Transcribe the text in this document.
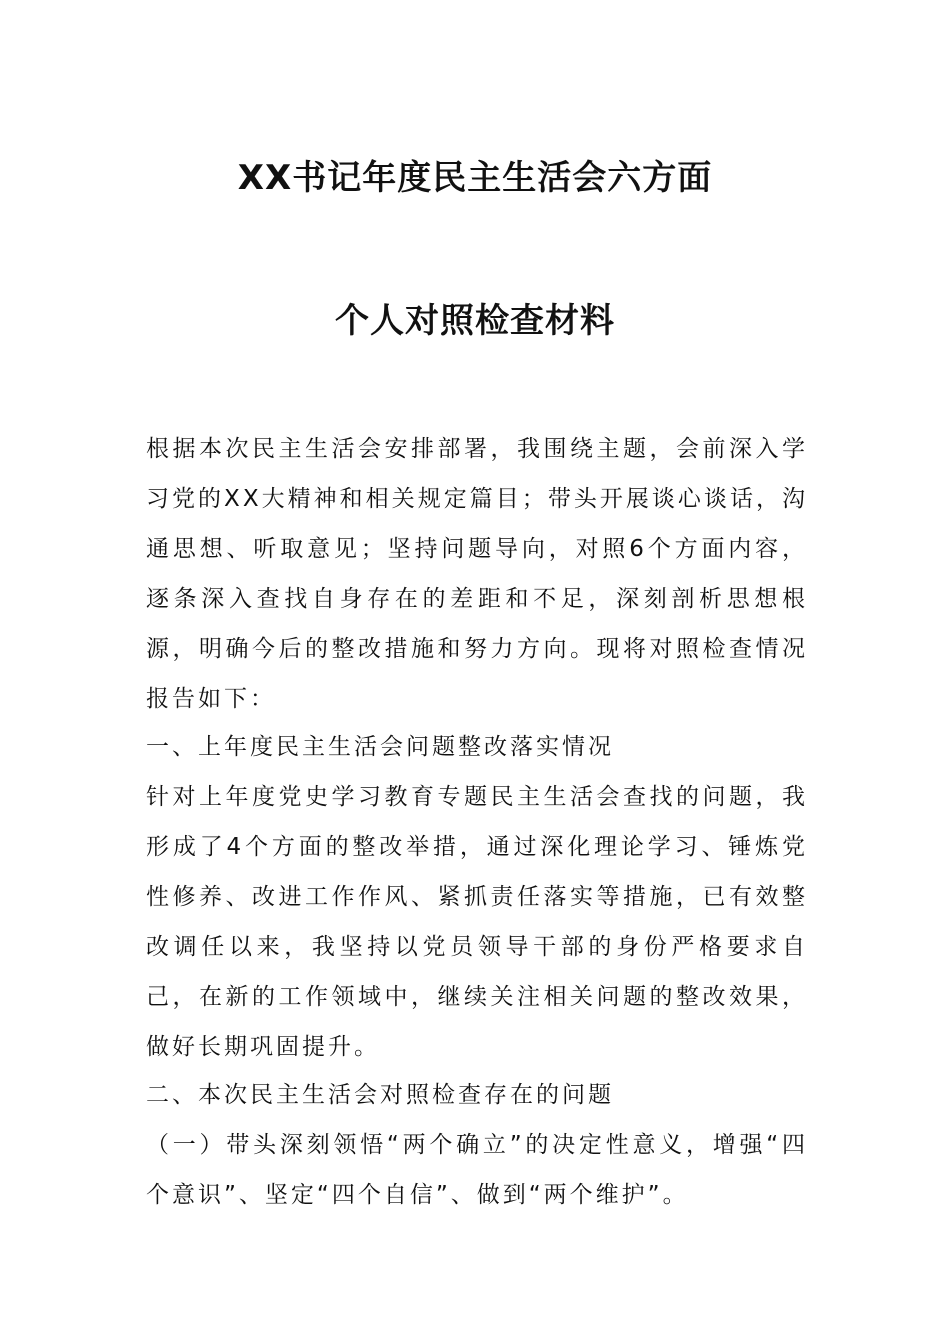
XX书记年度民主生活会六方面
个人对照检查材料

根据本次民主生活会安排部署，我围绕主题，会前深入学习党的XX大精神和相关规定篇目；带头开展谈心谈话，沟通思想、听取意见；坚持问题导向，对照6个方面内容，逐条深入查找自身存在的差距和不足，深刻剖析思想根源，明确今后的整改措施和努力方向。现将对照检查情况报告如下：

一、上年度民主生活会问题整改落实情况

针对上年度党史学习教育专题民主生活会查找的问题，我形成了4个方面的整改举措，通过深化理论学习、锤炼党性修养、改进工作作风、紧抓责任落实等措施，已有效整改调任以来，我坚持以党员领导干部的身份严格要求自己，在新的工作领域中，继续关注相关问题的整改效果，做好长期巩固提升。

二、本次民主生活会对照检查存在的问题

（一）带头深刻领悟“两个确立”的决定性意义，增强“四个意识”、坚定“四个自信”、做到“两个维护”。
